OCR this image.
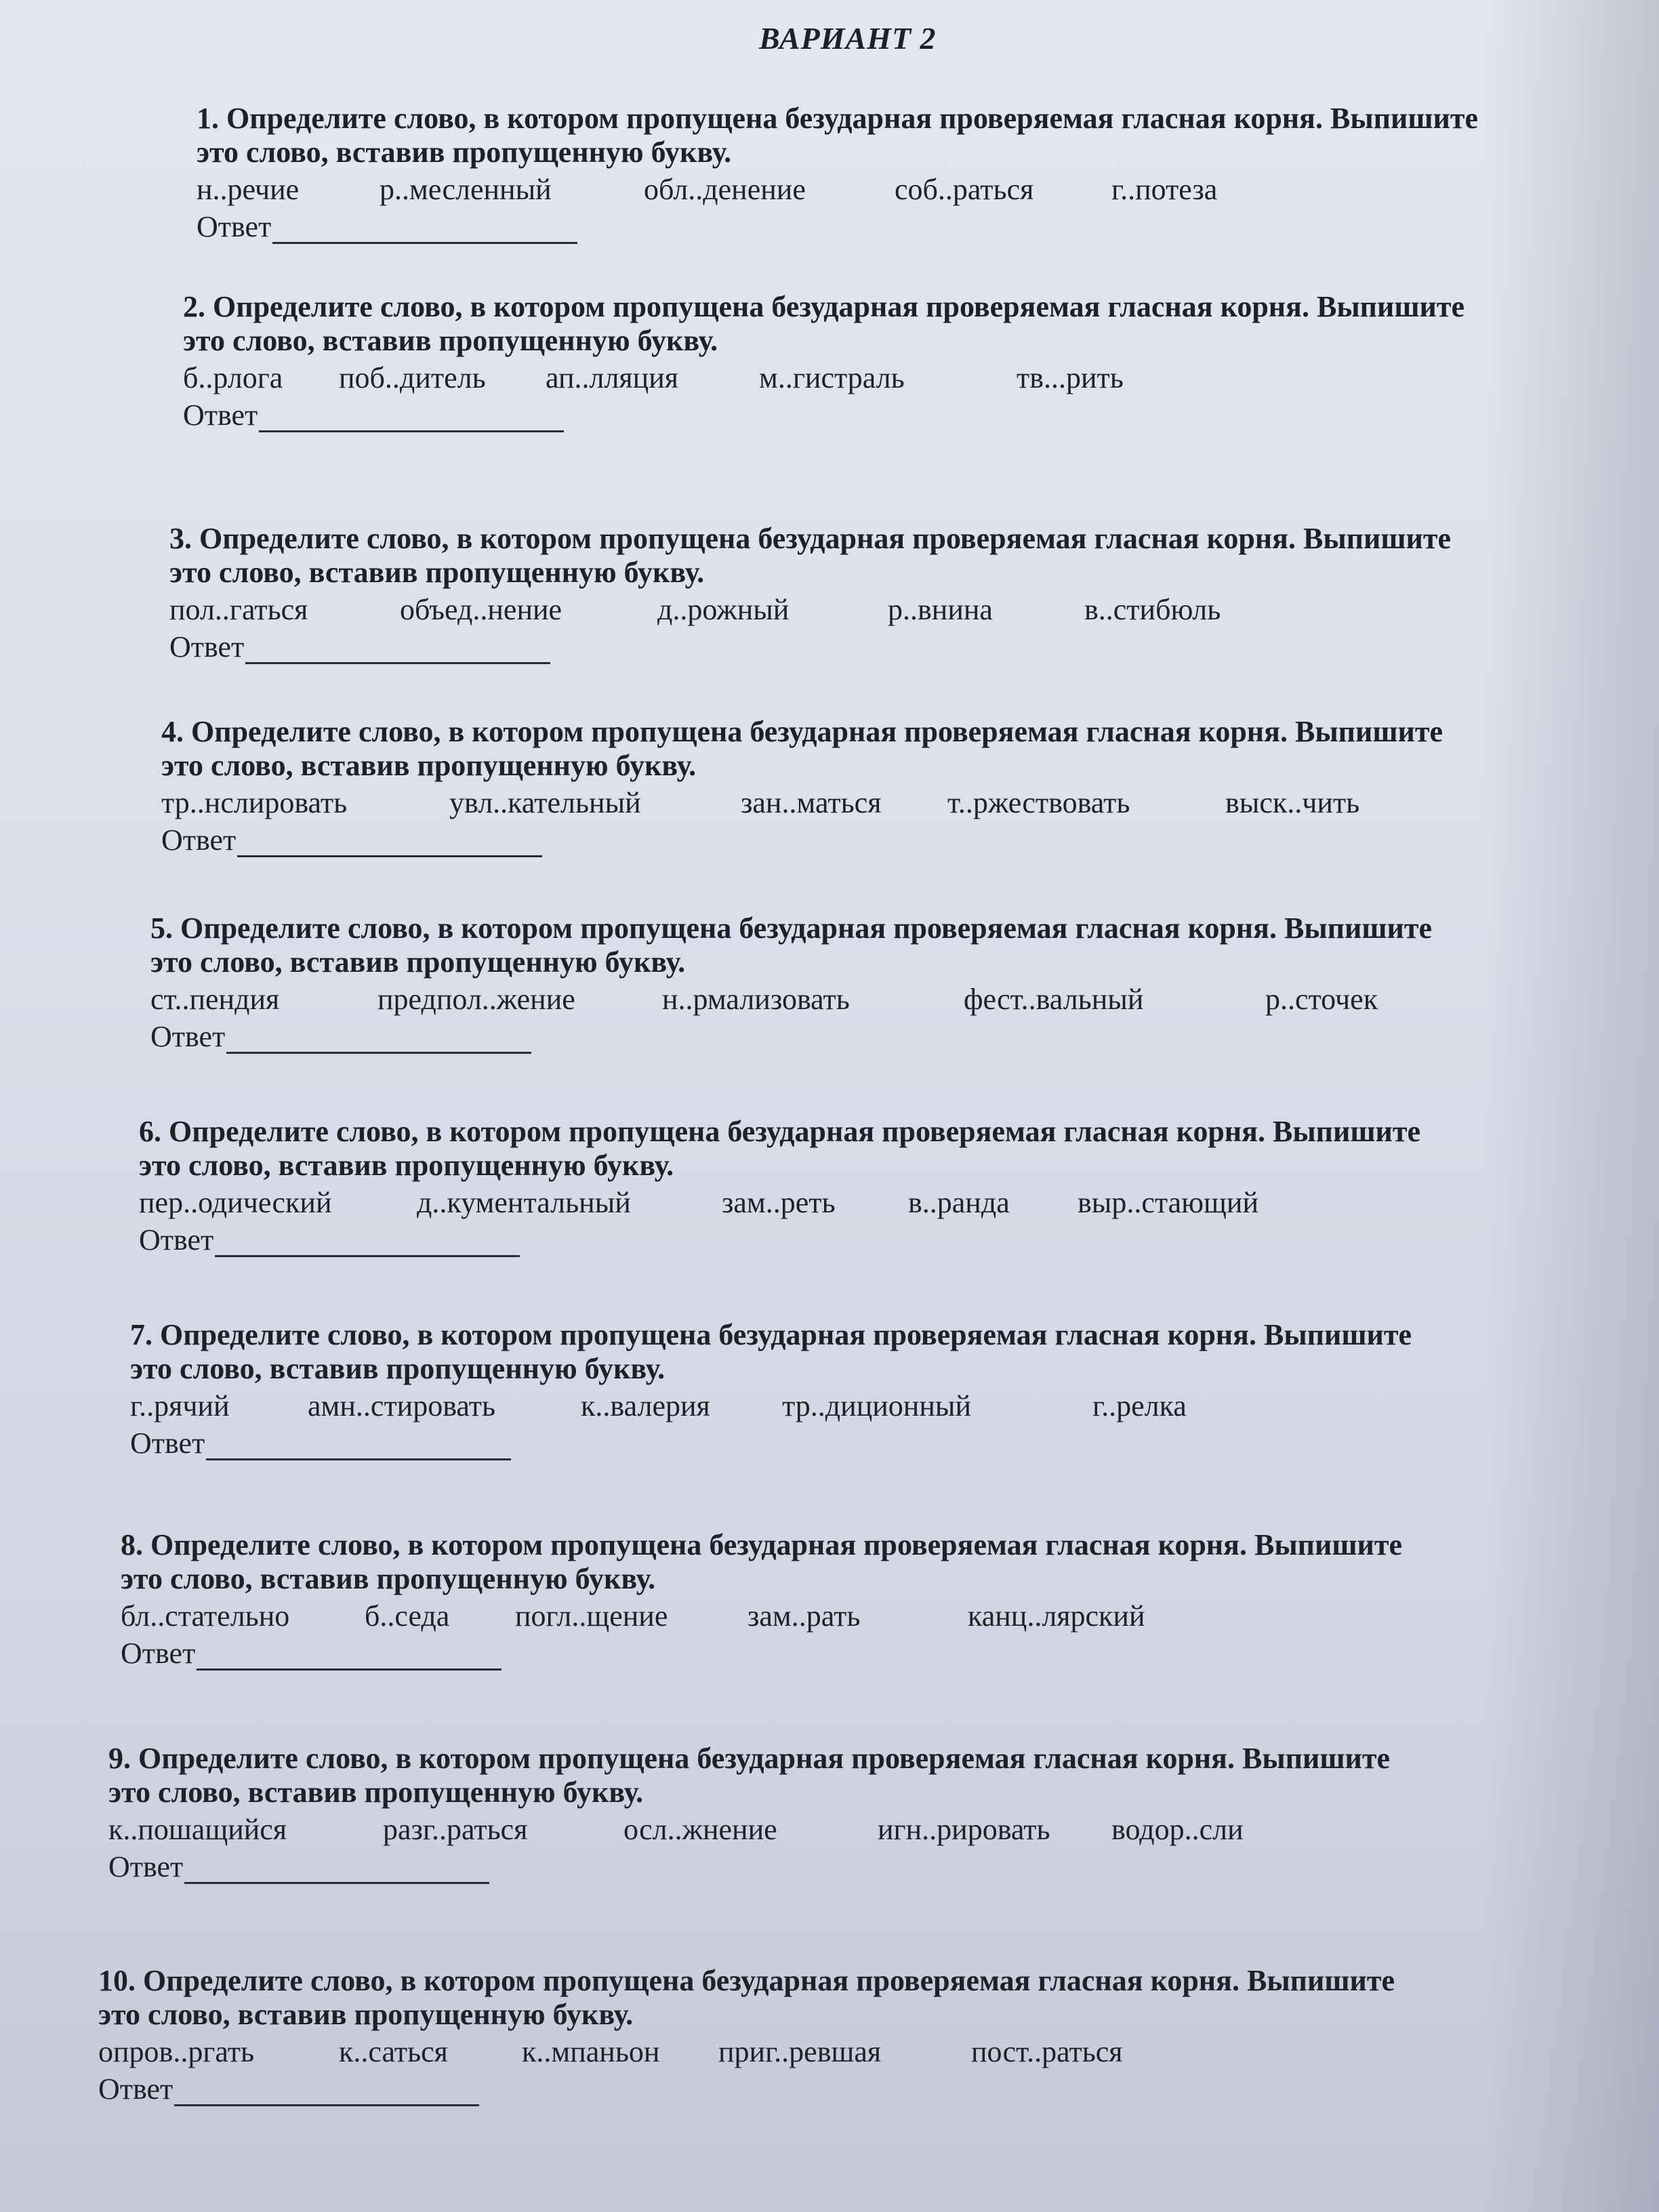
ВАРИАНТ 2

1. Определите слово, в котором пропущена безударная проверяемая гласная корня. Выпишите это слово, вставив пропущенную букву.

н..речие	р..месленный	обл..денение	соб..раться	г..потеза
Ответ

2. Определите слово, в котором пропущена безударная проверяемая гласная корня. Выпишите это слово, вставив пропущенную букву.

б..рлога поб..дитель ап..лляция	м..гистраль	тв...рить
Ответ

3. Определите слово, в котором пропущена безударная проверяемая гласная корня. Выпишите это слово, вставив пропущенную букву.

пол..гаться	объед..нение	д..рожный	р..внина	в..стибюль
Ответ

4. Определите слово, в котором пропущена безударная проверяемая гласная корня. Выпишите это слово, вставив пропущенную букву.

тр..нслировать	увл..кательный	зан..маться т..ржествовать	выск..чить
Ответ

5. Определите слово, в котором пропущена безударная проверяемая гласная корня. Выпишите это слово, вставив пропущенную букву.

ст..пендия	предпол..жение	н..рмализовать	фест..вальный	р..сточек
Ответ

6. Определите слово, в котором пропущена безударная проверяемая гласная корня. Выпишите это слово, вставив пропущенную букву.

пер..одический	д..кументальный	зам..реть в..ранда выр..стающий
Ответ

7. Определите слово, в котором пропущена безударная проверяемая гласная корня. Выпишите это слово, вставив пропущенную букву.

г..рячий	амн..стировать	к..валерия тр..диционный	г..релка
Ответ

8. Определите слово, в котором пропущена безударная проверяемая гласная корня. Выпишите это слово, вставив пропущенную букву.

бл..стательно	б..седа погл..щение	зам..рать	канц..лярский
Ответ

9. Определите слово, в котором пропущена безударная проверяемая гласная корня. Выпишите это слово, вставив пропущенную букву.

к..пошащийся	разг..раться	осл..жнение	игн..рировать водор..сли
Ответ

10. Определите слово, в котором пропущена безударная проверяемая гласная корня. Выпишите это слово, вставив пропущенную букву.

опров..ргать	к..саться к..мпаньон приг..ревшая	пост..раться
Ответ
